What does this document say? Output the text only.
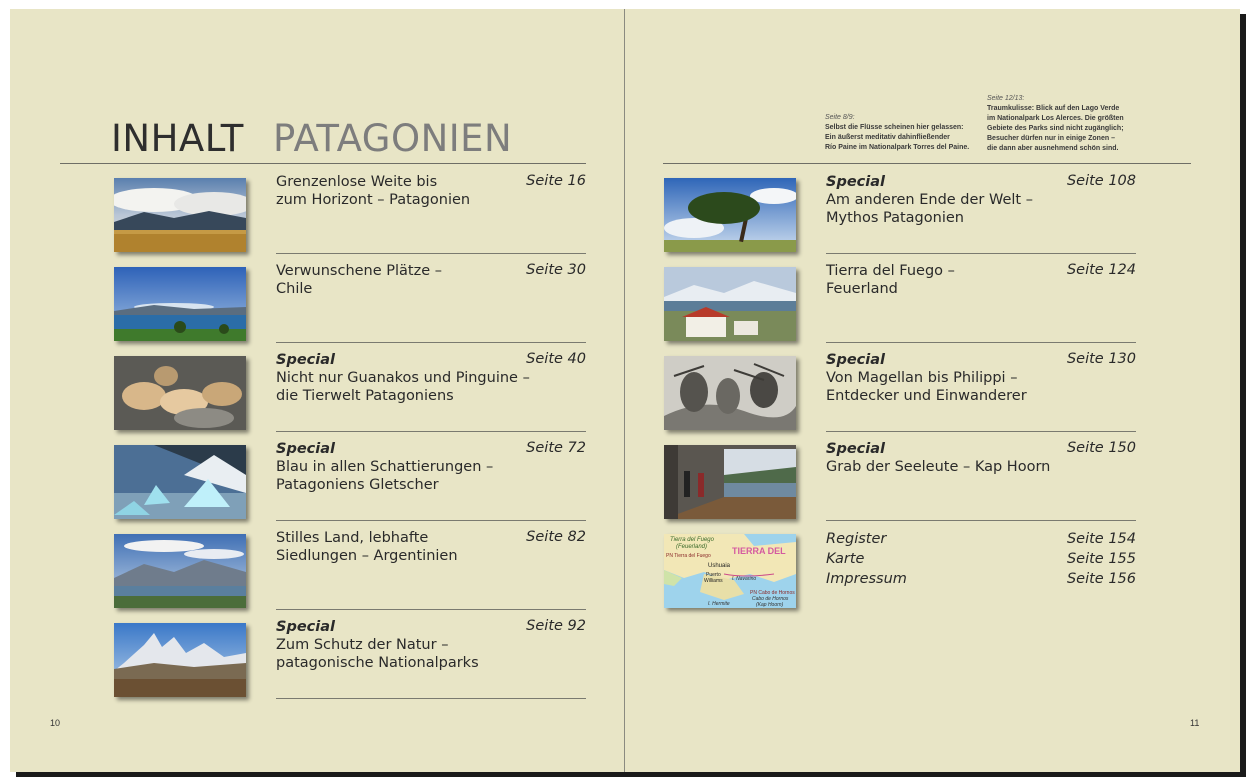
INHALT PATAGONIEN
Grenzenlose Weite bis
zum Horizont – Patagonien
Seite 16
Verwunschene Plätze –
Chile
Seite 30
Special
Nicht nur Guanakos und Pinguine –
die Tierwelt Patagoniens
Seite 40
Special
Blau in allen Schattierungen –
Patagoniens Gletscher
Seite 72
Stilles Land, lebhafte
Siedlungen – Argentinien
Seite 82
Special
Zum Schutz der Natur –
patagonische Nationalparks
Seite 92
10
Seite 8/9:
Selbst die Flüsse scheinen hier gelassen:
Ein äußerst meditativ dahinfließender
Río Paine im Nationalpark Torres del Paine.
Seite 12/13:
Traumkulisse: Blick auf den Lago Verde
im Nationalpark Los Alerces. Die größten
Gebiete des Parks sind nicht zugänglich;
Besucher dürfen nur in einige Zonen –
die dann aber ausnehmend schön sind.
Special
Am anderen Ende der Welt –
Mythos Patagonien
Seite 108
Tierra del Fuego –
Feuerland
Seite 124
Special
Von Magellan bis Philippi –
Entdecker und Einwanderer
Seite 130
Special
Grab der Seeleute – Kap Hoorn
Seite 150
Tierra del Fuego
(Feuerland)	TIERRA DEL
PN Tierra del Fuego
Ushuaia
Puerto
Williams I. Navarino
PN Cabo de Hornos
Cabo de Hornos
(Kap Hoorn)
I. Hermite
Register	Seite 154
Karte	Seite 155
Impressum	Seite 156
11
